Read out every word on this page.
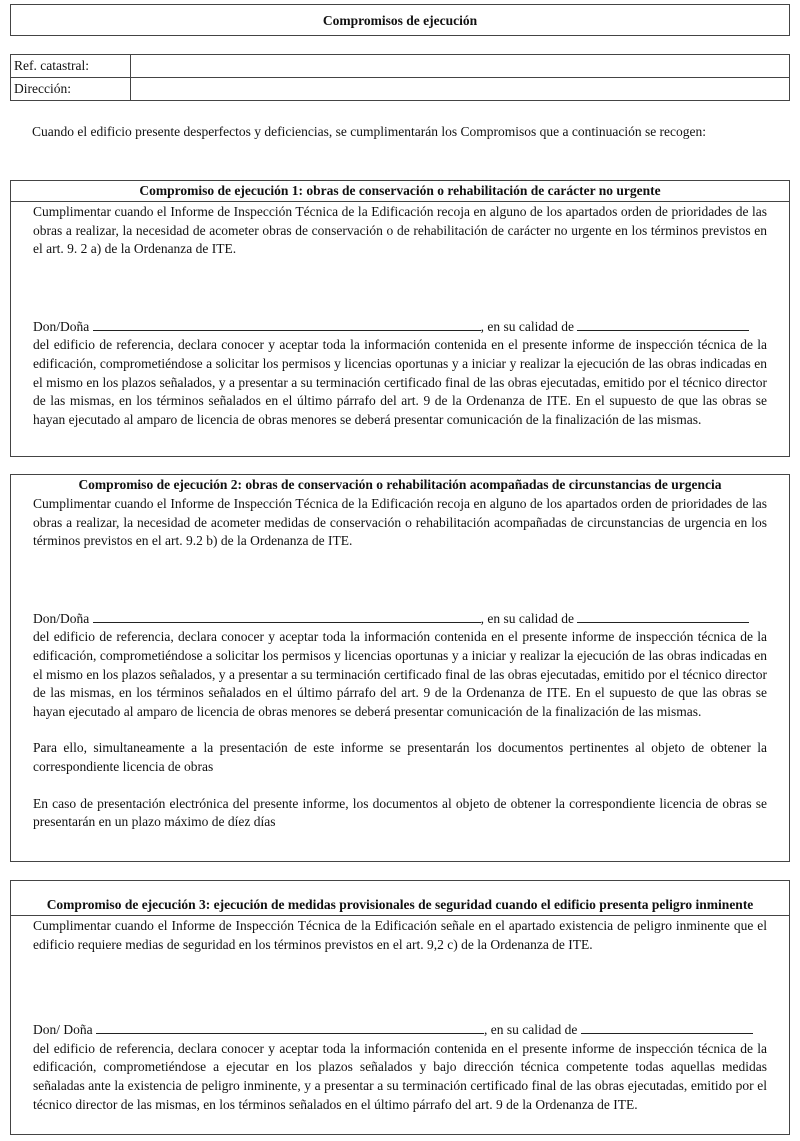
Compromisos de ejecución
Ref. catastral:	
Dirección:	
Cuando el edificio presente desperfectos y deficiencias, se cumplimentarán los Compromisos que a continuación se recogen:
Compromiso de ejecución 1: obras de conservación o rehabilitación de carácter no urgente

Cumplimentar cuando el Informe de Inspección Técnica de la Edificación recoja en alguno de los apartados orden de prioridades de las obras a realizar, la necesidad de acometer obras de conservación o de rehabilitación de carácter no urgente en los términos previstos en el art. 9. 2 a) de la Ordenanza de ITE.

Don/Doña	, en su calidad de

del edificio de referencia, declara conocer y aceptar toda la información contenida en el presente informe de inspección técnica de la edificación, comprometiéndose a solicitar los permisos y licencias oportunas y a iniciar y realizar la ejecución de las obras indicadas en el mismo en los plazos señalados, y a presentar a su terminación certificado final de las obras ejecutadas, emitido por el técnico director de las mismas, en los términos señalados en el último párrafo del art. 9 de la Ordenanza de ITE. En el supuesto de que las obras se hayan ejecutado al amparo de licencia de obras menores se deberá presentar comunicación de la finalización de las mismas.

Compromiso de ejecución 2: obras de conservación o rehabilitación acompañadas de circunstancias de urgencia

Cumplimentar cuando el Informe de Inspección Técnica de la Edificación recoja en alguno de los apartados orden de prioridades de las obras a realizar, la necesidad de acometer medidas de conservación o rehabilitación acompañadas de circunstancias de urgencia en los términos previstos en el art. 9.2 b) de la Ordenanza de ITE.

Don/Doña	, en su calidad de

del edificio de referencia, declara conocer y aceptar toda la información contenida en el presente informe de inspección técnica de la edificación, comprometiéndose a solicitar los permisos y licencias oportunas y a iniciar y realizar la ejecución de las obras indicadas en el mismo en los plazos señalados, y a presentar a su terminación certificado final de las obras ejecutadas, emitido por el técnico director de las mismas, en los términos señalados en el último párrafo del art. 9 de la Ordenanza de ITE. En el supuesto de que las obras se hayan ejecutado al amparo de licencia de obras menores se deberá presentar comunicación de la finalización de las mismas.

Para ello, simultaneamente a la presentación de este informe se presentarán los documentos pertinentes al objeto de obtener la correspondiente licencia de obras

En caso de presentación electrónica del presente informe, los documentos al objeto de obtener la correspondiente licencia de obras se presentarán en un plazo máximo de díez días

Compromiso de ejecución 3: ejecución de medidas provisionales de seguridad cuando el edificio presenta peligro inminente

Cumplimentar cuando el Informe de Inspección Técnica de la Edificación señale en el apartado existencia de peligro inminente que el edificio requiere medias de seguridad en los términos previstos en el art. 9,2 c) de la Ordenanza de ITE.

Don/ Doña	, en su calidad de

del edificio de referencia, declara conocer y aceptar toda la información contenida en el presente informe de inspección técnica de la edificación, comprometiéndose a ejecutar en los plazos señalados y bajo dirección técnica competente todas aquellas medidas señaladas ante la existencia de peligro inminente, y a presentar a su terminación certificado final de las obras ejecutadas, emitido por el técnico director de las mismas, en los términos señalados en el último párrafo del art. 9 de la Ordenanza de ITE.
